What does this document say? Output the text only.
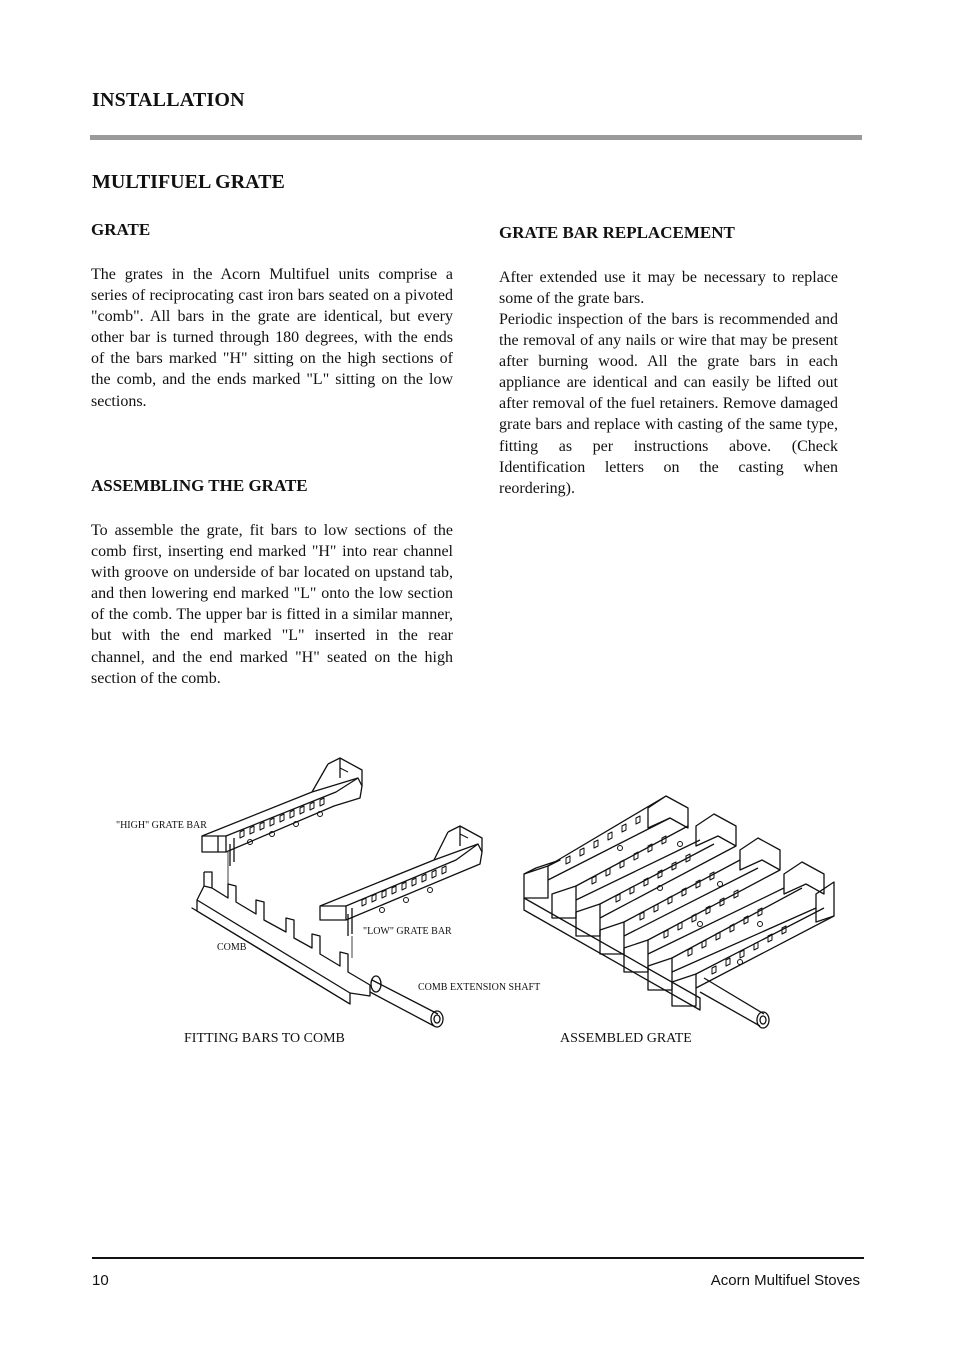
INSTALLATION
MULTIFUEL GRATE
GRATE
The grates in the Acorn Multifuel units comprise a series of reciprocating cast iron bars seated on a pivoted "comb". All bars in the grate are identical, but every other bar is turned through 180 degrees, with the ends of the bars marked "H" sitting on the high sections of the comb, and the ends marked "L" sitting on the low sections.
ASSEMBLING THE GRATE
To assemble the grate, fit bars to low sections of the comb first, inserting end marked "H" into rear channel with groove on underside of bar located on upstand tab, and then lowering end marked "L" onto the low section of the comb. The upper bar is fitted in a similar manner, but with the end marked "L" inserted in the rear channel, and the end marked "H" seated on the high section of the comb.
GRATE BAR REPLACEMENT
After extended use it may be necessary to replace some of the grate bars.
Periodic inspection of the bars is recommended and the removal of any nails or wire that may be present after burning wood. All the grate bars in each appliance are identical and can easily be lifted out after removal of the fuel retainers. Remove damaged grate bars and replace with casting of the same type, fitting as per instructions above. (Check Identification letters on the casting when reordering).
"HIGH" GRATE BAR
"LOW" GRATE BAR
COMB
COMB EXTENSION SHAFT
FITTING BARS TO COMB	ASSEMBLED GRATE
10	Acorn Multifuel Stoves
